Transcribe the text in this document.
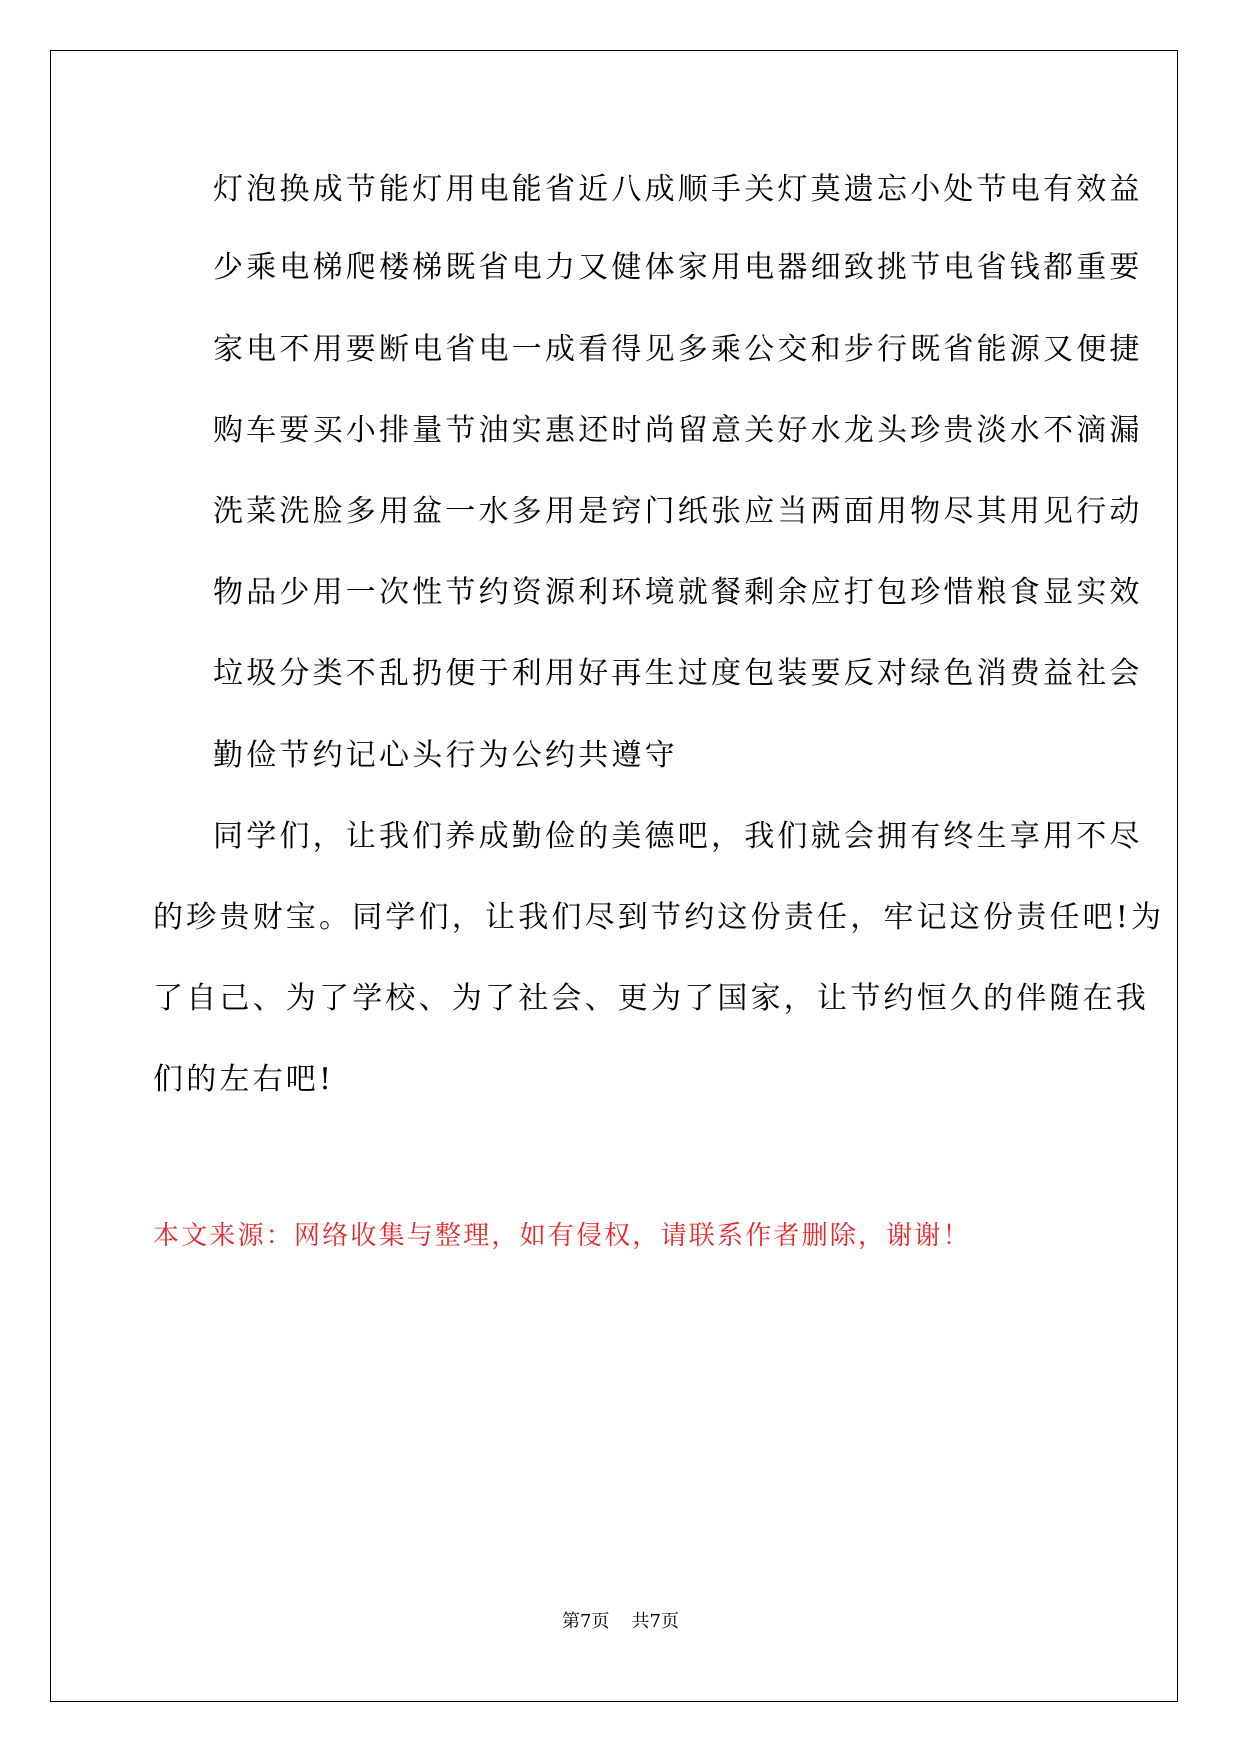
灯泡换成节能灯用电能省近八成顺手关灯莫遗忘小处节电有效益
少乘电梯爬楼梯既省电力又健体家用电器细致挑节电省钱都重要
家电不用要断电省电一成看得见多乘公交和步行既省能源又便捷
购车要买小排量节油实惠还时尚留意关好水龙头珍贵淡水不滴漏
洗菜洗脸多用盆一水多用是窍门纸张应当两面用物尽其用见行动
物品少用一次性节约资源利环境就餐剩余应打包珍惜粮食显实效
垃圾分类不乱扔便于利用好再生过度包装要反对绿色消费益社会
勤俭节约记心头行为公约共遵守
同学们，让我们养成勤俭的美德吧，我们就会拥有终生享用不尽
的珍贵财宝。同学们，让我们尽到节约这份责任，牢记这份责任吧!为
了自己、为了学校、为了社会、更为了国家，让节约恒久的伴随在我
们的左右吧!
本文来源：网络收集与整理，如有侵权，请联系作者删除，谢谢！
第7页 共7页
